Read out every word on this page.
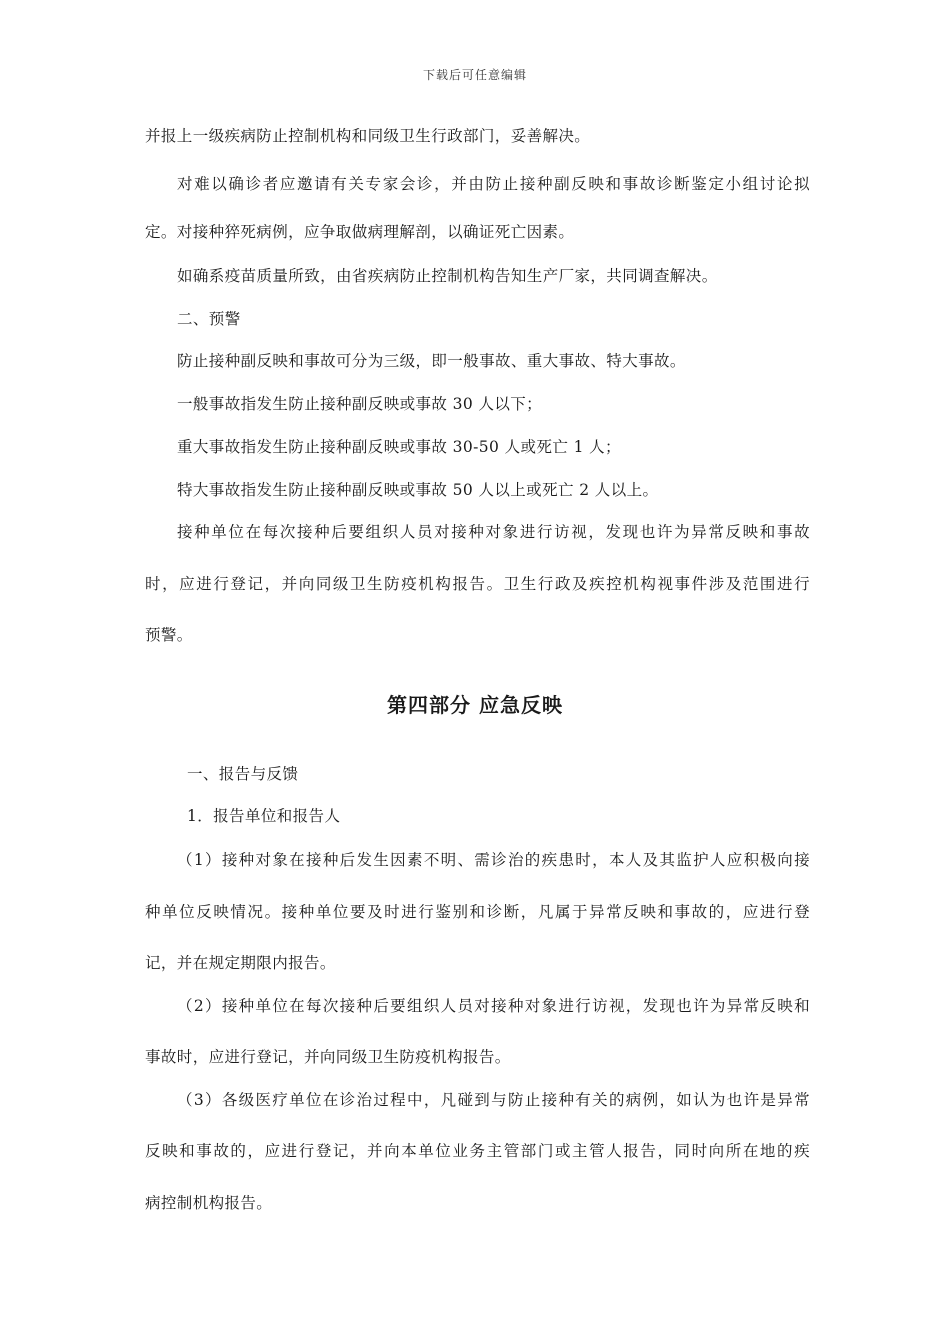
下载后可任意编辑
并报上一级疾病防止控制机构和同级卫生行政部门，妥善解决。
对难以确诊者应邀请有关专家会诊，并由防止接种副反映和事故诊断鉴定小组讨论拟
定。对接种猝死病例，应争取做病理解剖，以确证死亡因素。
如确系疫苗质量所致，由省疾病防止控制机构告知生产厂家，共同调查解决。
二、预警
防止接种副反映和事故可分为三级，即一般事故、重大事故、特大事故。
一般事故指发生防止接种副反映或事故 30 人以下；
重大事故指发生防止接种副反映或事故 30-50 人或死亡 1 人；
特大事故指发生防止接种副反映或事故 50 人以上或死亡 2 人以上。
接种单位在每次接种后要组织人员对接种对象进行访视，发现也许为异常反映和事故
时，应进行登记，并向同级卫生防疫机构报告。卫生行政及疾控机构视事件涉及范围进行
预警。
第四部分 应急反映
一、报告与反馈
1．报告单位和报告人
（1）接种对象在接种后发生因素不明、需诊治的疾患时，本人及其监护人应积极向接
种单位反映情况。接种单位要及时进行鉴别和诊断，凡属于异常反映和事故的，应进行登
记，并在规定期限内报告。
（2）接种单位在每次接种后要组织人员对接种对象进行访视，发现也许为异常反映和
事故时，应进行登记，并向同级卫生防疫机构报告。
（3）各级医疗单位在诊治过程中，凡碰到与防止接种有关的病例，如认为也许是异常
反映和事故的，应进行登记，并向本单位业务主管部门或主管人报告，同时向所在地的疾
病控制机构报告。
